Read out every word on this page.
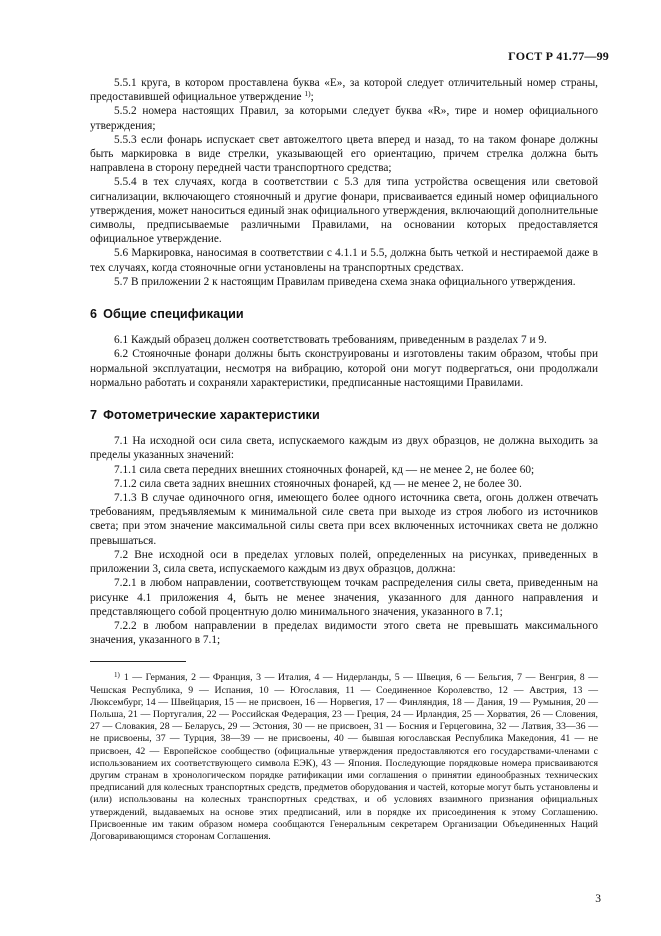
ГОСТ Р 41.77—99

5.5.1 круга, в котором проставлена буква «Е», за которой следует отличительный номер страны, предоставившей официальное утверждение $^{1)}$;

5.5.2 номера настоящих Правил, за которыми следует буква «R», тире и номер официального утверждения;

5.5.3 если фонарь испускает свет автожелтого цвета вперед и назад, то на таком фонаре должны быть маркировка в виде стрелки, указывающей его ориентацию, причем стрелка должна быть направлена в сторону передней части транспортного средства;

5.5.4 в тех случаях, когда в соответствии с 5.3 для типа устройства освещения или световой сигнализации, включающего стояночный и другие фонари, присваивается единый номер официального утверждения, может наноситься единый знак официального утверждения, включающий дополнительные символы, предписываемые различными Правилами, на основании которых предоставляется официальное утверждение.

5.6 Маркировка, наносимая в соответствии с 4.1.1 и 5.5, должна быть четкой и нестираемой даже в тех случаях, когда стояночные огни установлены на транспортных средствах.

5.7 В приложении 2 к настоящим Правилам приведена схема знака официального утверждения.

6 Общие спецификации

6.1 Каждый образец должен соответствовать требованиям, приведенным в разделах 7 и 9.

6.2 Стояночные фонари должны быть сконструированы и изготовлены таким образом, чтобы при нормальной эксплуатации, несмотря на вибрацию, которой они могут подвергаться, они продолжали нормально работать и сохраняли характеристики, предписанные настоящими Правилами.

7 Фотометрические характеристики

7.1 На исходной оси сила света, испускаемого каждым из двух образцов, не должна выходить за пределы указанных значений:

7.1.1 сила света передних внешних стояночных фонарей, кд — не менее 2, не более 60;

7.1.2 сила света задних внешних стояночных фонарей, кд — не менее 2, не более 30.

7.1.3 В случае одиночного огня, имеющего более одного источника света, огонь должен отвечать требованиям, предъявляемым к минимальной силе света при выходе из строя любого из источников света; при этом значение максимальной силы света при всех включенных источниках света не должно превышаться.

7.2 Вне исходной оси в пределах угловых полей, определенных на рисунках, приведенных в приложении 3, сила света, испускаемого каждым из двух образцов, должна:

7.2.1 в любом направлении, соответствующем точкам распределения силы света, приведенным на рисунке 4.1 приложения 4, быть не менее значения, указанного для данного направления и представляющего собой процентную долю минимального значения, указанного в 7.1;

7.2.2 в любом направлении в пределах видимости этого света не превышать максимального значения, указанного в 7.1;

$^{1)}$ 1 — Германия, 2 — Франция, 3 — Италия, 4 — Нидерланды, 5 — Швеция, 6 — Бельгия, 7 — Венгрия, 8 — Чешская Республика, 9 — Испания, 10 — Югославия, 11 — Соединенное Королевство, 12 — Австрия, 13 — Люксембург, 14 — Швейцария, 15 — не присвоен, 16 — Норвегия, 17 — Финляндия, 18 — Дания, 19 — Румыния, 20 — Польша, 21 — Португалия, 22 — Российская Федерация, 23 — Греция, 24 — Ирландия, 25 — Хорватия, 26 — Словения, 27 — Словакия, 28 — Беларусь, 29 — Эстония, 30 — не присвоен, 31 — Босния и Герцеговина, 32 — Латвия, 33—36 — не присвоены, 37 — Турция, 38—39 — не присвоены, 40 — бывшая югославская Республика Македония, 41 — не присвоен, 42 — Европейское сообщество (официальные утверждения предоставляются его государствами-членами с использованием их соответствующего символа ЕЭК), 43 — Япония. Последующие порядковые номера присваиваются другим странам в хронологическом порядке ратификации ими соглашения о принятии единообразных технических предписаний для колесных транспортных средств, предметов оборудования и частей, которые могут быть установлены и (или) использованы на колесных транспортных средствах, и об условиях взаимного признания официальных утверждений, выдаваемых на основе этих предписаний, или в порядке их присоединения к этому Соглашению. Присвоенные им таким образом номера сообщаются Генеральным секретарем Организации Объединенных Наций Договаривающимся сторонам Соглашения.

3
